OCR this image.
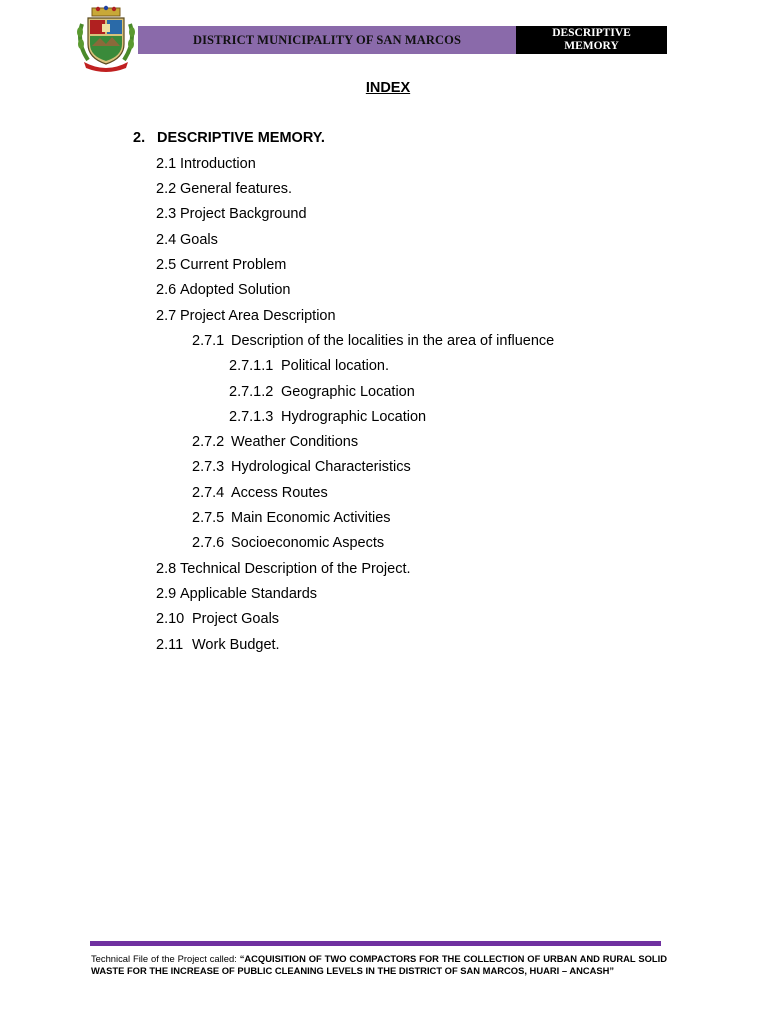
DISTRICT MUNICIPALITY OF SAN MARCOS	DESCRIPTIVE
MEMORY
INDEX
2. DESCRIPTIVE MEMORY.
2.1 Introduction
2.2 General features.
2.3 Project Background
2.4 Goals
2.5 Current Problem
2.6 Adopted Solution
2.7 Project Area Description
2.7.1 Description of the localities in the area of influence
2.7.1.1 Political location.
2.7.1.2 Geographic Location
2.7.1.3 Hydrographic Location
2.7.2 Weather Conditions
2.7.3 Hydrological Characteristics
2.7.4 Access Routes
2.7.5 Main Economic Activities
2.7.6 Socioeconomic Aspects
2.8 Technical Description of the Project.
2.9 Applicable Standards
2.10 Project Goals
2.11 Work Budget.
Technical File of the Project called: “ACQUISITION OF TWO COMPACTORS FOR THE COLLECTION OF URBAN AND RURAL SOLID WASTE FOR THE INCREASE OF PUBLIC CLEANING LEVELS IN THE DISTRICT OF SAN MARCOS, HUARI – ANCASH”
